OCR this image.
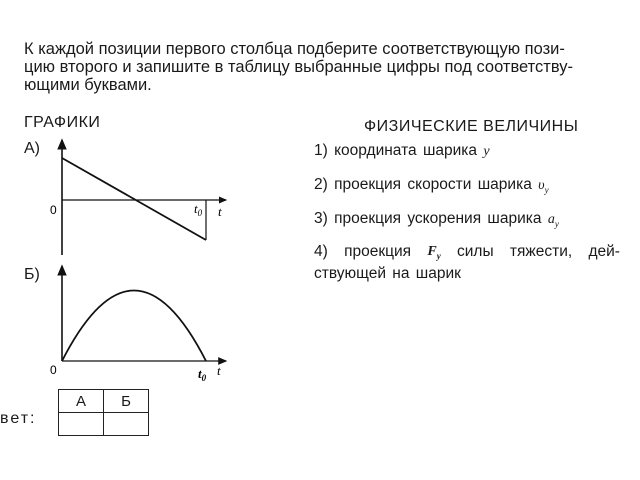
К каждой позиции первого столбца подберите соответствующую пози-
цию второго и запишите в таблицу выбранные цифры под соответству-
ющими буквами.
ГРАФИКИ	ФИЗИЧЕСКИЕ ВЕЛИЧИНЫ
А)
Б)
0	$t_0$ t
0	$t_0$ t
1) координата шарика y
2) проекция скорости шарика $\upsilon_y$
3) проекция ускорения шарика $a_y$
4) проекция $F_y$ силы тяжести, дей-
ствующей на шарик
вет:
А	Б
